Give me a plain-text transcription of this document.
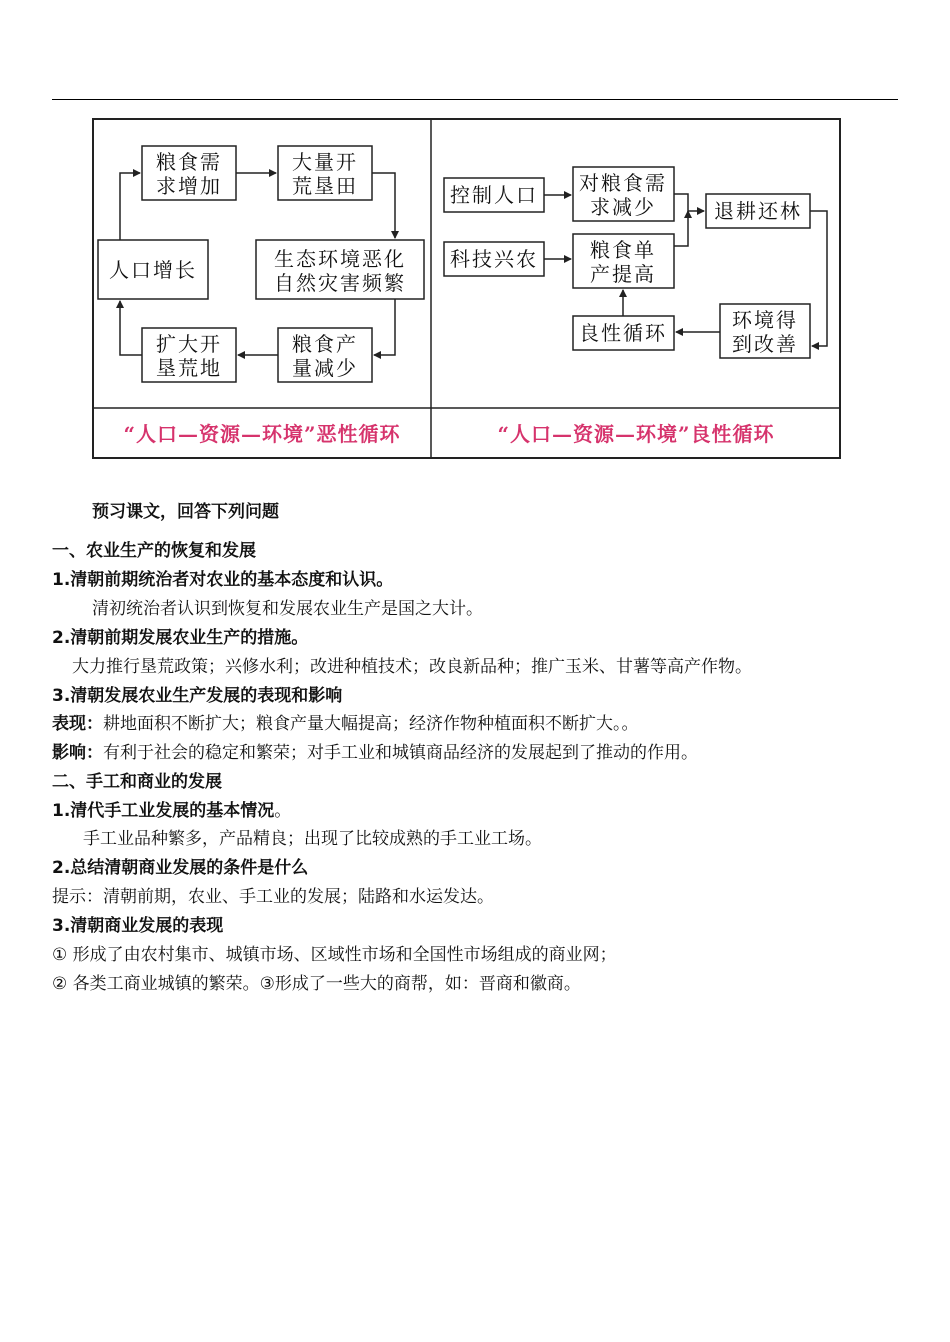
粮食需
求增加
大量开
荒垦田
人口增长	生态环境恶化
自然灾害频繁
扩大开
垦荒地
粮食产
量减少
控制人口 对粮食需
求减少	退耕还林
科技兴农	粮食单
产提高
良性循环
环境得
到改善
“人口—资源—环境”恶性循环	“人口—资源—环境”良性循环
预习课文，回答下列问题
一、农业生产的恢复和发展
1.清朝前期统治者对农业的基本态度和认识。
清初统治者认识到恢复和发展农业生产是国之大计。
2.清朝前期发展农业生产的措施。
大力推行垦荒政策；兴修水利；改进种植技术；改良新品种；推广玉米、甘薯等高产作物。
3.清朝发展农业生产发展的表现和影响
表现：耕地面积不断扩大；粮食产量大幅提高；经济作物种植面积不断扩大。。
影响：有利于社会的稳定和繁荣；对手工业和城镇商品经济的发展起到了推动的作用。
二、手工和商业的发展
1.清代手工业发展的基本情况。
手工业品种繁多，产品精良；出现了比较成熟的手工业工场。
2.总结清朝商业发展的条件是什么
提示：清朝前期，农业、手工业的发展；陆路和水运发达。
3.清朝商业发展的表现
① 形成了由农村集市、城镇市场、区域性市场和全国性市场组成的商业网；
② 各类工商业城镇的繁荣。③形成了一些大的商帮，如：晋商和徽商。
